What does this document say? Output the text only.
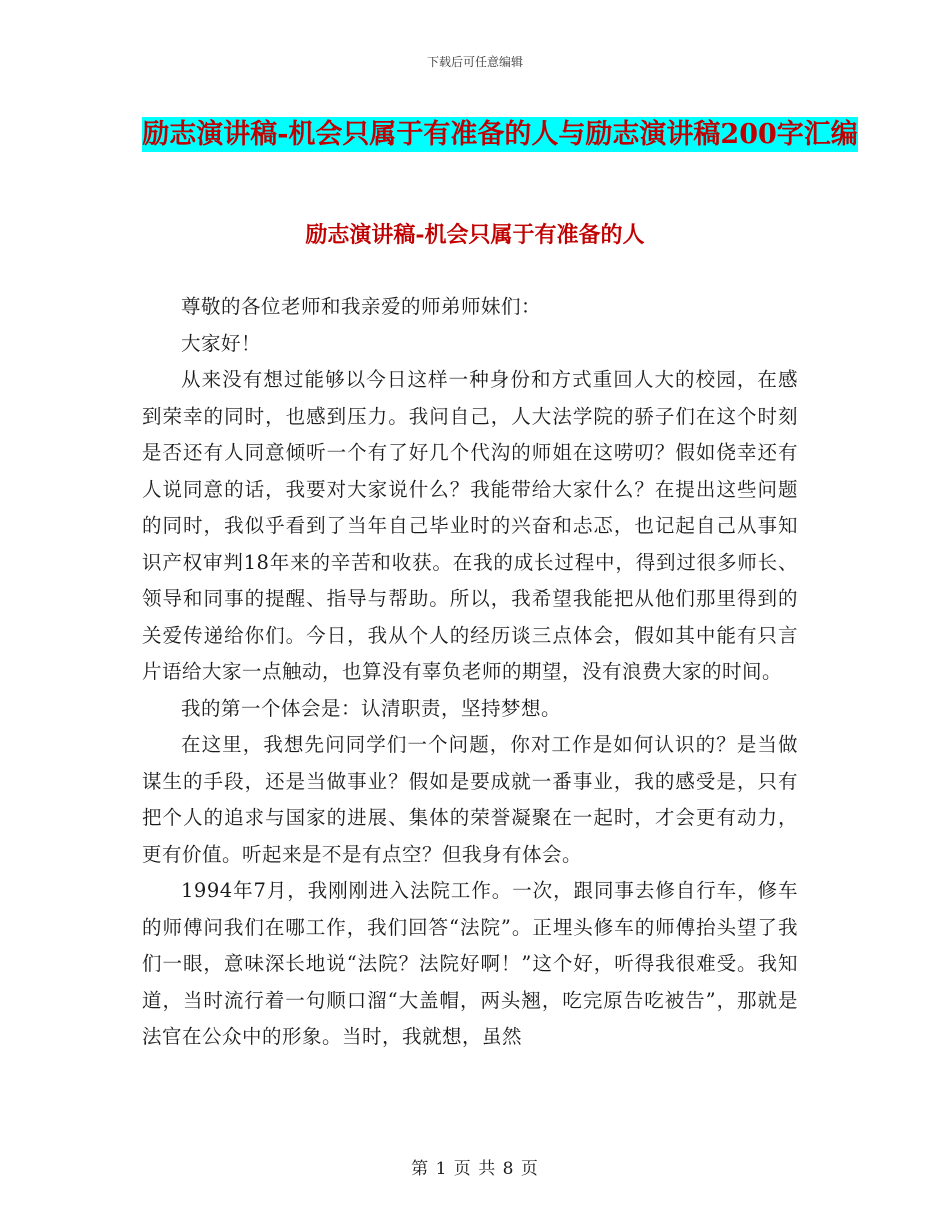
下载后可任意编辑
励志演讲稿-机会只属于有准备的人与励志演讲稿200字汇编
励志演讲稿-机会只属于有准备的人

尊敬的各位老师和我亲爱的师弟师妹们：

大家好！

从来没有想过能够以今日这样一种身份和方式重回人大的校园，在感到荣幸的同时，也感到压力。我问自己，人大法学院的骄子们在这个时刻是否还有人同意倾听一个有了好几个代沟的师姐在这唠叨？假如侥幸还有人说同意的话，我要对大家说什么？我能带给大家什么？在提出这些问题的同时，我似乎看到了当年自己毕业时的兴奋和忐忑，也记起自己从事知识产权审判18年来的辛苦和收获。在我的成长过程中，得到过很多师长、领导和同事的提醒、指导与帮助。所以，我希望我能把从他们那里得到的关爱传递给你们。今日，我从个人的经历谈三点体会，假如其中能有只言片语给大家一点触动，也算没有辜负老师的期望，没有浪费大家的时间。

我的第一个体会是：认清职责，坚持梦想。

在这里，我想先问同学们一个问题，你对工作是如何认识的？是当做谋生的手段，还是当做事业？假如是要成就一番事业，我的感受是，只有把个人的追求与国家的进展、集体的荣誉凝聚在一起时，才会更有动力，更有价值。听起来是不是有点空？但我身有体会。

1994年7月，我刚刚进入法院工作。一次，跟同事去修自行车，修车的师傅问我们在哪工作，我们回答“法院”。正埋头修车的师傅抬头望了我们一眼，意味深长地说“法院？法院好啊！”这个好，听得我很难受。我知道，当时流行着一句顺口溜“大盖帽，两头翘，吃完原告吃被告”，那就是法官在公众中的形象。当时，我就想，虽然

第 1 页 共 8 页
